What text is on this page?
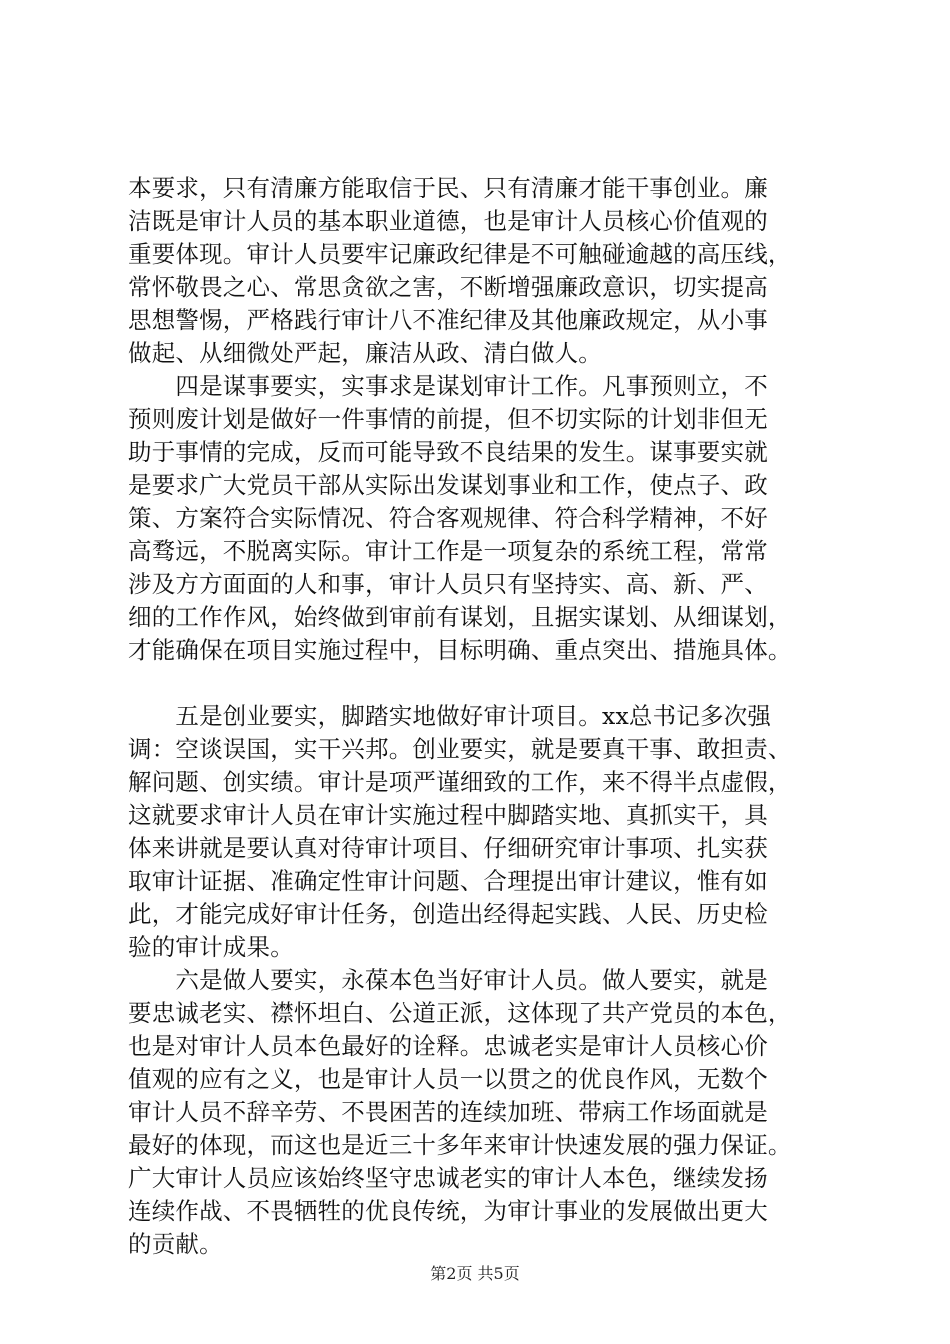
本要求，只有清廉方能取信于民、只有清廉才能干事创业。廉
洁既是审计人员的基本职业道德，也是审计人员核心价值观的
重要体现。审计人员要牢记廉政纪律是不可触碰逾越的高压线，
常怀敬畏之心、常思贪欲之害，不断增强廉政意识，切实提高
思想警惕，严格践行审计八不准纪律及其他廉政规定，从小事
做起、从细微处严起，廉洁从政、清白做人。
　　四是谋事要实，实事求是谋划审计工作。凡事预则立，不
预则废计划是做好一件事情的前提，但不切实际的计划非但无
助于事情的完成，反而可能导致不良结果的发生。谋事要实就
是要求广大党员干部从实际出发谋划事业和工作，使点子、政
策、方案符合实际情况、符合客观规律、符合科学精神，不好
高骛远，不脱离实际。审计工作是一项复杂的系统工程，常常
涉及方方面面的人和事，审计人员只有坚持实、高、新、严、
细的工作作风，始终做到审前有谋划，且据实谋划、从细谋划，
才能确保在项目实施过程中，目标明确、重点突出、措施具体。
　　五是创业要实，脚踏实地做好审计项目。xx总书记多次强
调：空谈误国，实干兴邦。创业要实，就是要真干事、敢担责、
解问题、创实绩。审计是项严谨细致的工作，来不得半点虚假，
这就要求审计人员在审计实施过程中脚踏实地、真抓实干，具
体来讲就是要认真对待审计项目、仔细研究审计事项、扎实获
取审计证据、准确定性审计问题、合理提出审计建议，惟有如
此，才能完成好审计任务，创造出经得起实践、人民、历史检
验的审计成果。
　　六是做人要实，永葆本色当好审计人员。做人要实，就是
要忠诚老实、襟怀坦白、公道正派，这体现了共产党员的本色，
也是对审计人员本色最好的诠释。忠诚老实是审计人员核心价
值观的应有之义，也是审计人员一以贯之的优良作风，无数个
审计人员不辞辛劳、不畏困苦的连续加班、带病工作场面就是
最好的体现，而这也是近三十多年来审计快速发展的强力保证。
广大审计人员应该始终坚守忠诚老实的审计人本色，继续发扬
连续作战、不畏牺牲的优良传统，为审计事业的发展做出更大
的贡献。
第2页 共5页
